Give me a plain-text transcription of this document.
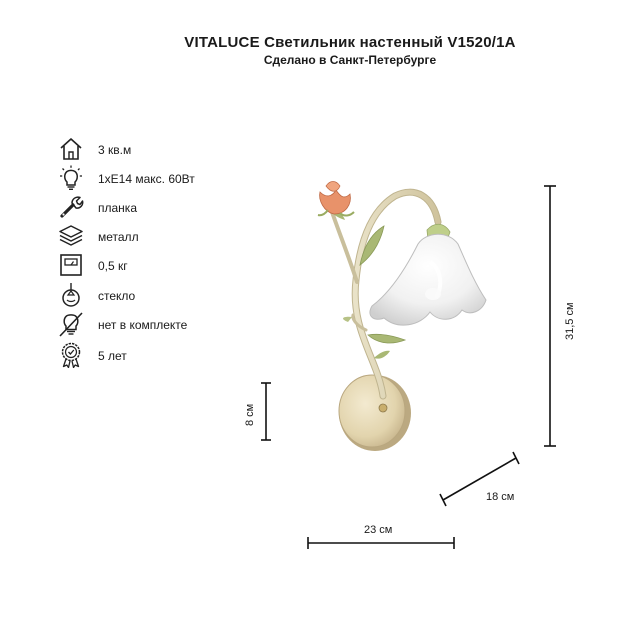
VITALUCE Светильник настенный V1520/1A
Сделано в Санкт-Петербурге
3 кв.м
1хЕ14 макс. 60Вт
планка
металл
0,5 кг
стекло
нет в комплекте
5 лет
31,5 см
8 см
18 см
23 см
